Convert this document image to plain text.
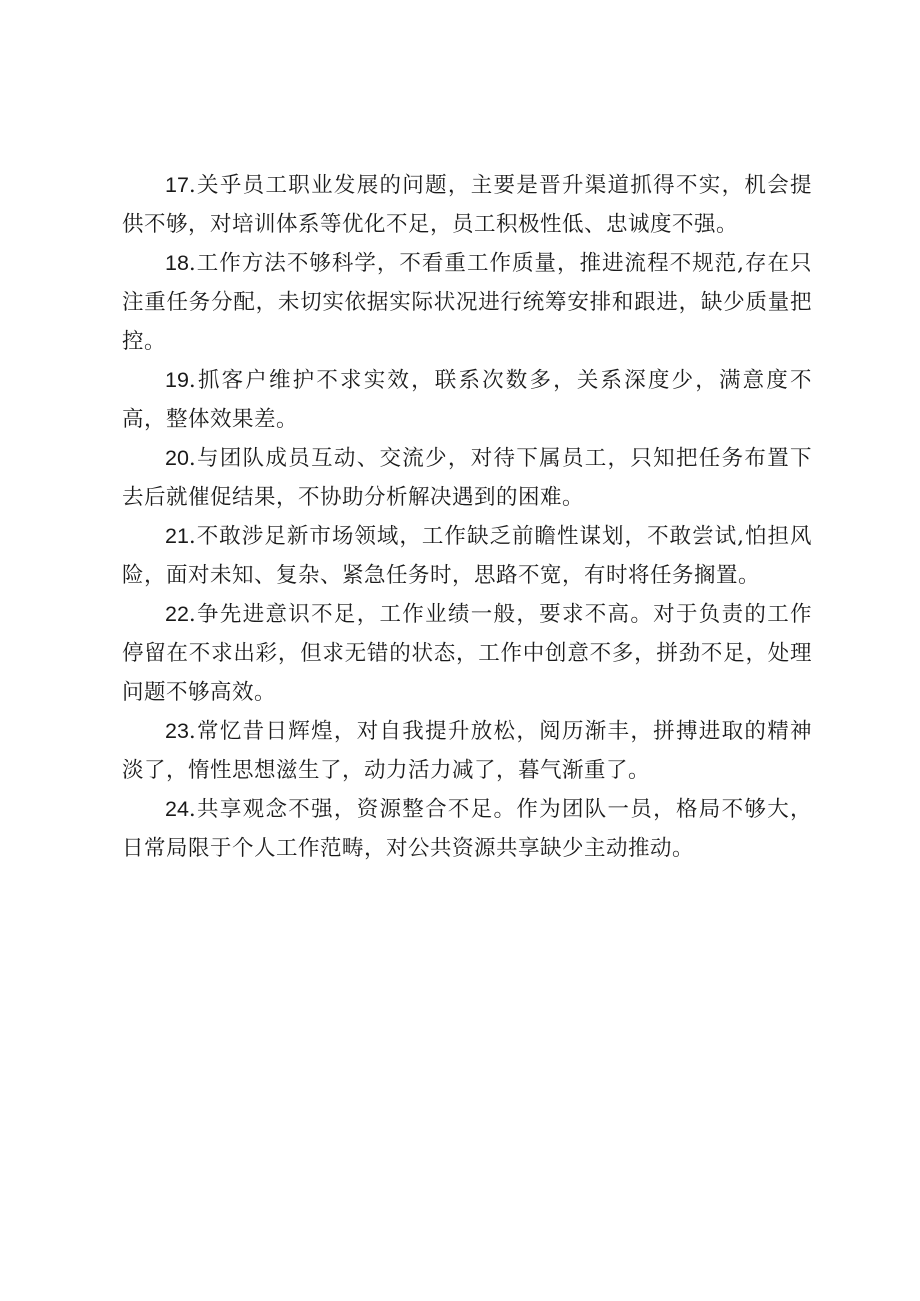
17.关乎员工职业发展的问题，主要是晋升渠道抓得不实，机会提供不够，对培训体系等优化不足，员工积极性低、忠诚度不强。

18.工作方法不够科学，不看重工作质量，推进流程不规范,存在只注重任务分配，未切实依据实际状况进行统筹安排和跟进，缺少质量把控。

19.抓客户维护不求实效，联系次数多，关系深度少，满意度不高，整体效果差。

20.与团队成员互动、交流少，对待下属员工，只知把任务布置下去后就催促结果，不协助分析解决遇到的困难。

21.不敢涉足新市场领域，工作缺乏前瞻性谋划，不敢尝试,怕担风险，面对未知、复杂、紧急任务时，思路不宽，有时将任务搁置。

22.争先进意识不足，工作业绩一般，要求不高。对于负责的工作停留在不求出彩，但求无错的状态，工作中创意不多，拼劲不足，处理问题不够高效。

23.常忆昔日辉煌，对自我提升放松，阅历渐丰，拼搏进取的精神淡了，惰性思想滋生了，动力活力减了，暮气渐重了。

24.共享观念不强，资源整合不足。作为团队一员，格局不够大，日常局限于个人工作范畴，对公共资源共享缺少主动推动。
